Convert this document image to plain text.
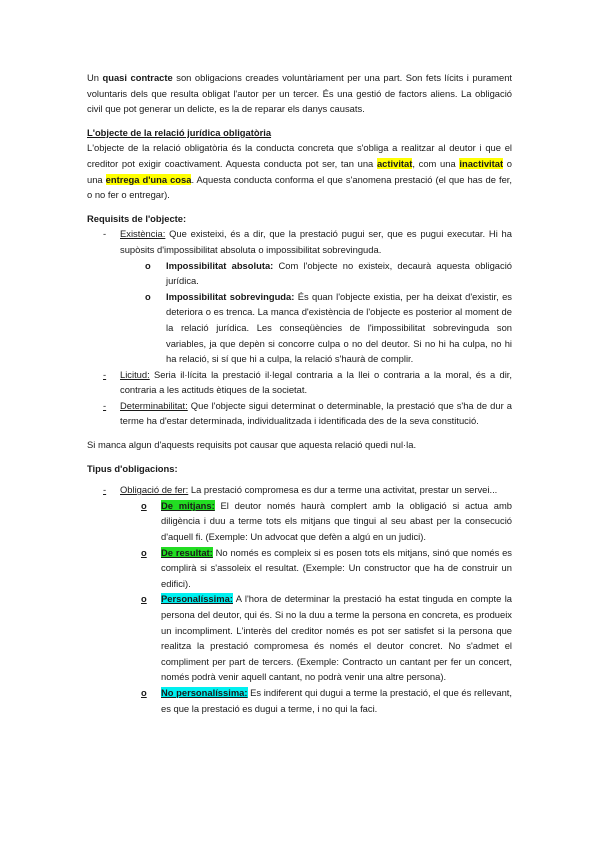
Un quasi contracte son obligacions creades voluntàriament per una part. Son fets lícits i purament voluntaris dels que resulta obligat l'autor per un tercer. És una gestió de factors aliens. La obligació civil que pot generar un delicte, es la de reparar els danys causats.

L'objecte de la relació jurídica obligatòria

L'objecte de la relació obligatòria és la conducta concreta que s'obliga a realitzar al deutor i que el creditor pot exigir coactivament. Aquesta conducta pot ser, tan una activitat, com una inactivitat o una entrega d'una cosa. Aquesta conducta conforma el que s'anomena prestació (el que has de fer, o no fer o entregar).

Requisits de l'objecte:

- Existència: Que existeixi, és a dir, que la prestació pugui ser, que es pugui executar. Hi ha supòsits d'impossibilitat absoluta o impossibilitat sobrevinguda.
o Impossibilitat absoluta: Com l'objecte no existeix, decaurà aquesta obligació jurídica.
o Impossibilitat sobrevinguda: És quan l'objecte existia, per ha deixat d'existir, es deteriora o es trenca. La manca d'existència de l'objecte es posterior al moment de la relació jurídica. Les conseqüències de l'impossibilitat sobrevinguda son variables, ja que depèn si concorre culpa o no del deutor. Si no hi ha culpa, no hi ha relació, si sí que hi a culpa, la relació s'haurà de complir.
- Licitud: Seria il·lícita la prestació il·legal contraria a la llei o contraria a la moral, és a dir, contraria a les actituds ètiques de la societat.
- Determinabilitat: Que l'objecte sigui determinat o determinable, la prestació que s'ha de dur a terme ha d'estar determinada, individualitzada i identificada des de la seva constitució.

Si manca algun d'aquests requisits pot causar que aquesta relació quedi nul·la.

Tipus d'obligacions:

- Obligació de fer: La prestació compromesa es dur a terme una activitat, prestar un servei...
o De mitjans: El deutor només haurà complert amb la obligació si actua amb diligència i duu a terme tots els mitjans que tingui al seu abast per la consecució d'aquell fi. (Exemple: Un advocat que defèn a algú en un judici).
o De resultat: No només es compleix si es posen tots els mitjans, sinó que només es complirà si s'assoleix el resultat. (Exemple: Un constructor que ha de construir un edifici).
o Personalíssima: A l'hora de determinar la prestació ha estat tinguda en compte la persona del deutor, qui és. Si no la duu a terme la persona en concreta, es produeix un incompliment. L'interès del creditor només es pot ser satisfet si la persona que realitza la prestació compromesa és només el deutor concret. No s'admet el compliment per part de tercers. (Exemple: Contracto un cantant per fer un concert, només podrà venir aquell cantant, no podrà venir una altre persona).
o No personalíssima: Es indiferent qui dugui a terme la prestació, el que és rellevant, es que la prestació es dugui a terme, i no qui la faci.
